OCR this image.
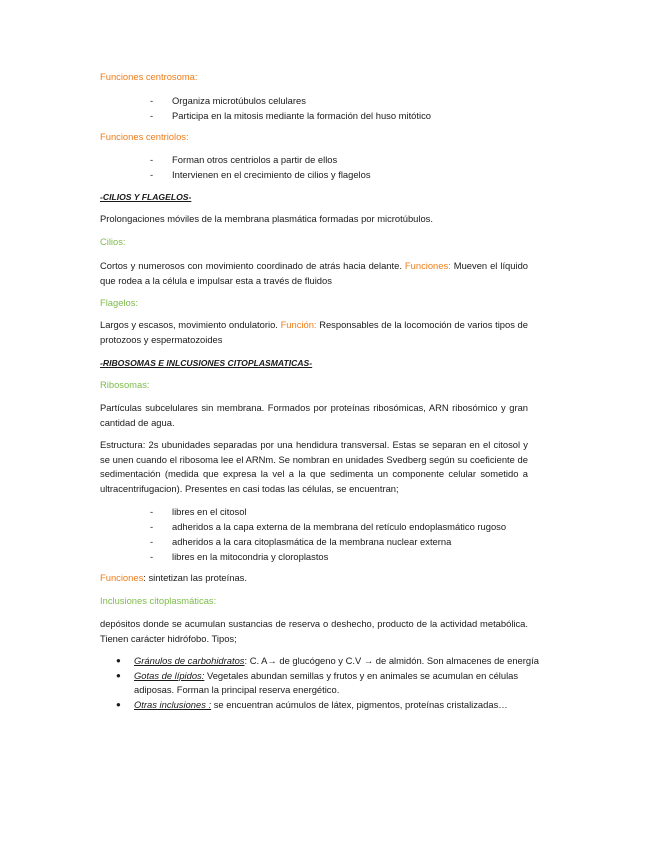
Funciones centrosoma:
- Organiza microtúbulos celulares
- Participa en la mitosis mediante la formación del huso mitótico
Funciones centriolos:
- Forman otros centriolos a partir de ellos
- Intervienen en el crecimiento de cilios y flagelos
-CILIOS Y FLAGELOS-
Prolongaciones móviles de la membrana plasmática formadas por microtúbulos.
Cilios:
Cortos y numerosos con movimiento coordinado de atrás hacia delante. Funciones: Mueven el líquido que rodea a la célula e impulsar esta a través de fluidos
Flagelos:
Largos y escasos, movimiento ondulatorio. Función: Responsables de la locomoción de varios tipos de protozoos y espermatozoides
-RIBOSOMAS E INLCUSIONES CITOPLASMATICAS-
Ribosomas:
Partículas subcelulares sin membrana. Formados por proteínas ribosómicas, ARN ribosómico y gran cantidad de agua.
Estructura: 2s ubunidades separadas por una hendidura transversal. Estas se separan en el citosol y se unen cuando el ribosoma lee el ARNm. Se nombran en unidades Svedberg según su coeficiente de sedimentación (medida que expresa la vel a la que sedimenta un componente celular sometido a ultracentrifugacion). Presentes en casi todas las células, se encuentran;
- libres en el citosol
- adheridos a la capa externa de la membrana del retículo endoplasmático rugoso
- adheridos a la cara citoplasmática de la membrana nuclear externa
- libres en la mitocondria y cloroplastos
Funciones: sintetizan las proteínas.
Inclusiones citoplasmáticas:
depósitos donde se acumulan sustancias de reserva o deshecho, producto de la actividad metabólica. Tienen carácter hidrófobo. Tipos;
● Gránulos de carbohidratos: C. A→ de glucógeno y C.V → de almidón. Son almacenes de energía
● Gotas de lípidos: Vegetales abundan semillas y frutos y en animales se acumulan en células adiposas. Forman la principal reserva energético.
● Otras inclusiones : se encuentran acúmulos de látex, pigmentos, proteínas cristalizadas…
